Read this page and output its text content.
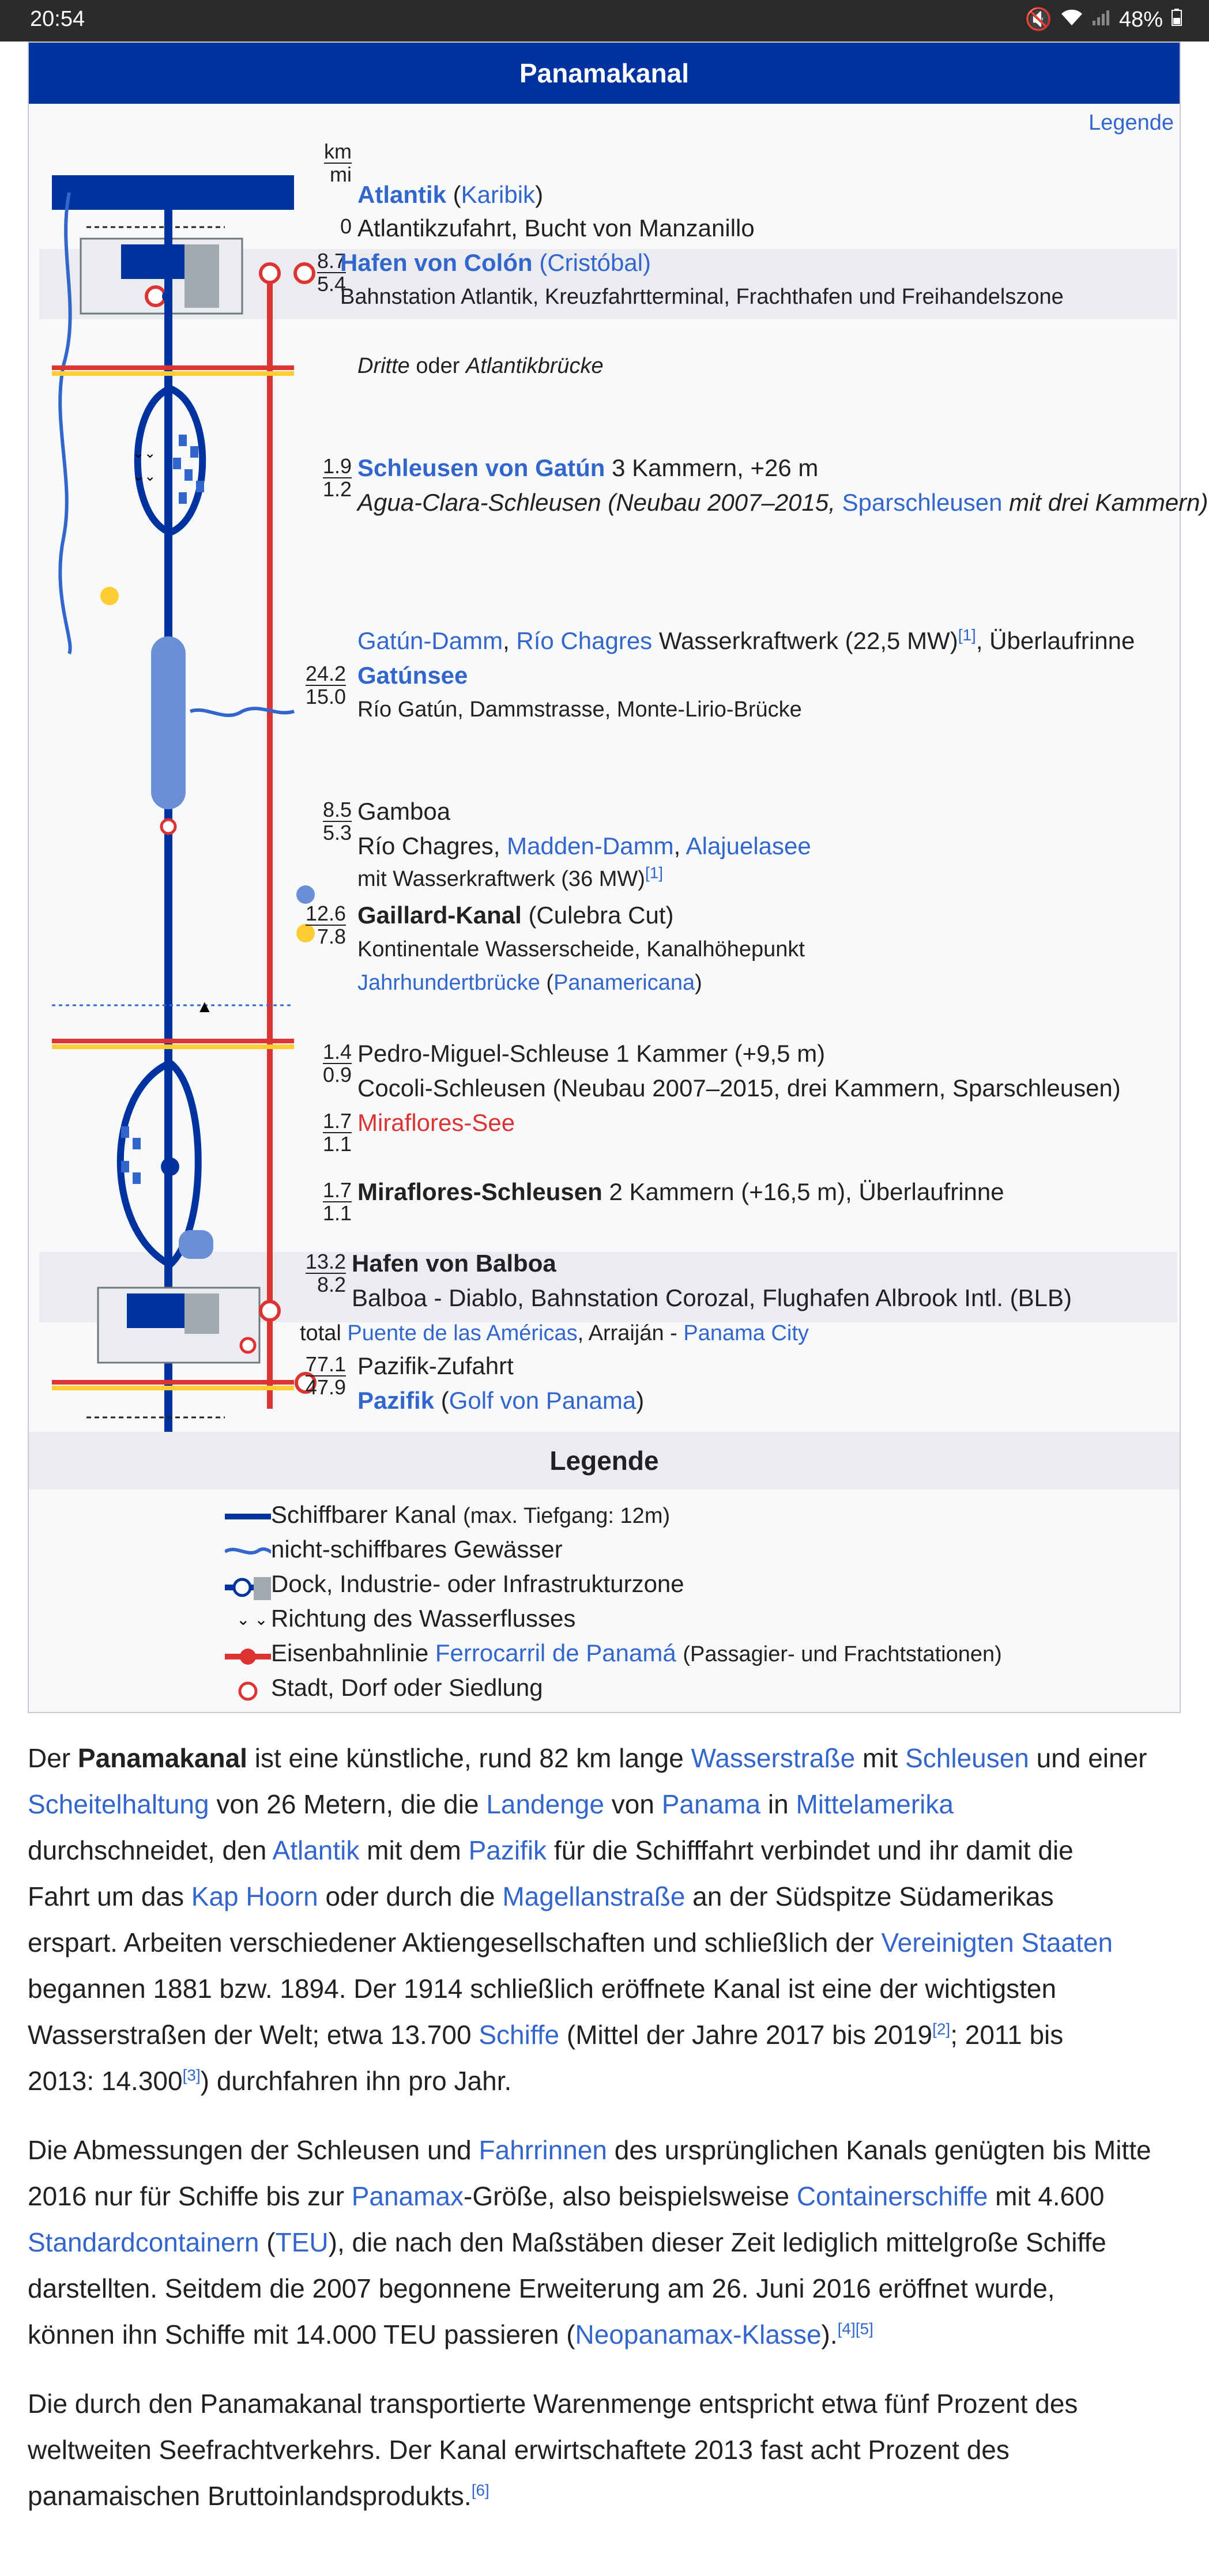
20:54	🔇	48%
Panamakanal
Legende
⌄⌄
⌄⌄
▲
km
mi
Atlantik (Karibik)
0 Atlantikzufahrt, Bucht von Manzanillo
8.7
5.4
Hafen von Colón (Cristóbal)
Bahnstation Atlantik, Kreuzfahrtterminal, Frachthafen und Freihandelszone
Dritte oder Atlantikbrücke
1.9
1.2
Schleusen von Gatún 3 Kammern, +26 m
Agua-Clara-Schleusen (Neubau 2007–2015, Sparschleusen mit drei Kammern)
Gatún-Damm, Río Chagres Wasserkraftwerk (22,5 MW)[1], Überlaufrinne
24.2
15.0
Gatúnsee
Río Gatún, Dammstrasse, Monte-Lirio-Brücke
8.5
5.3
Gamboa
Río Chagres, Madden-Damm, Alajuelasee
mit Wasserkraftwerk (36 MW)[1]
12.6
7.8
Gaillard-Kanal (Culebra Cut)
Kontinentale Wasserscheide, Kanalhöhepunkt
Jahrhundertbrücke (Panamericana)
1.4
0.9
Pedro-Miguel-Schleuse 1 Kammer (+9,5 m)
Cocoli-Schleusen (Neubau 2007–2015, drei Kammern, Sparschleusen)
1.7
1.1
Miraflores-See
1.7
1.1
Miraflores-Schleusen 2 Kammern (+16,5 m), Überlaufrinne
13.2
8.2
Hafen von Balboa
Balboa - Diablo, Bahnstation Corozal, Flughafen Albrook Intl. (BLB)
total Puente de las Américas, Arraiján - Panama City
77.1
47.9
Pazifik-Zufahrt
Pazifik (Golf von Panama)
Legende
⌄ ⌄
Schiffbarer Kanal (max. Tiefgang: 12m)
nicht-schiffbares Gewässer
Dock, Industrie- oder Infrastrukturzone
Richtung des Wasserflusses
Eisenbahnlinie Ferrocarril de Panamá (Passagier- und Frachtstationen)
Stadt, Dorf oder Siedlung
Der Panamakanal ist eine künstliche, rund 82 km lange Wasserstraße mit Schleusen und einer
Scheitelhaltung von 26 Metern, die die Landenge von Panama in Mittelamerika
durchschneidet, den Atlantik mit dem Pazifik für die Schifffahrt verbindet und ihr damit die
Fahrt um das Kap Hoorn oder durch die Magellanstraße an der Südspitze Südamerikas
erspart. Arbeiten verschiedener Aktiengesellschaften und schließlich der Vereinigten Staaten
begannen 1881 bzw. 1894. Der 1914 schließlich eröffnete Kanal ist eine der wichtigsten
Wasserstraßen der Welt; etwa 13.700 Schiffe (Mittel der Jahre 2017 bis 2019[2]; 2011 bis
2013: 14.300[3]) durchfahren ihn pro Jahr.
Die Abmessungen der Schleusen und Fahrrinnen des ursprünglichen Kanals genügten bis Mitte
2016 nur für Schiffe bis zur Panamax-Größe, also beispielsweise Containerschiffe mit 4.600
Standardcontainern (TEU), die nach den Maßstäben dieser Zeit lediglich mittelgroße Schiffe
darstellten. Seitdem die 2007 begonnene Erweiterung am 26. Juni 2016 eröffnet wurde,
können ihn Schiffe mit 14.000 TEU passieren (Neopanamax-Klasse).[4][5]
Die durch den Panamakanal transportierte Warenmenge entspricht etwa fünf Prozent des
weltweiten Seefrachtverkehrs. Der Kanal erwirtschaftete 2013 fast acht Prozent des
panamaischen Bruttoinlandsprodukts.[6]
